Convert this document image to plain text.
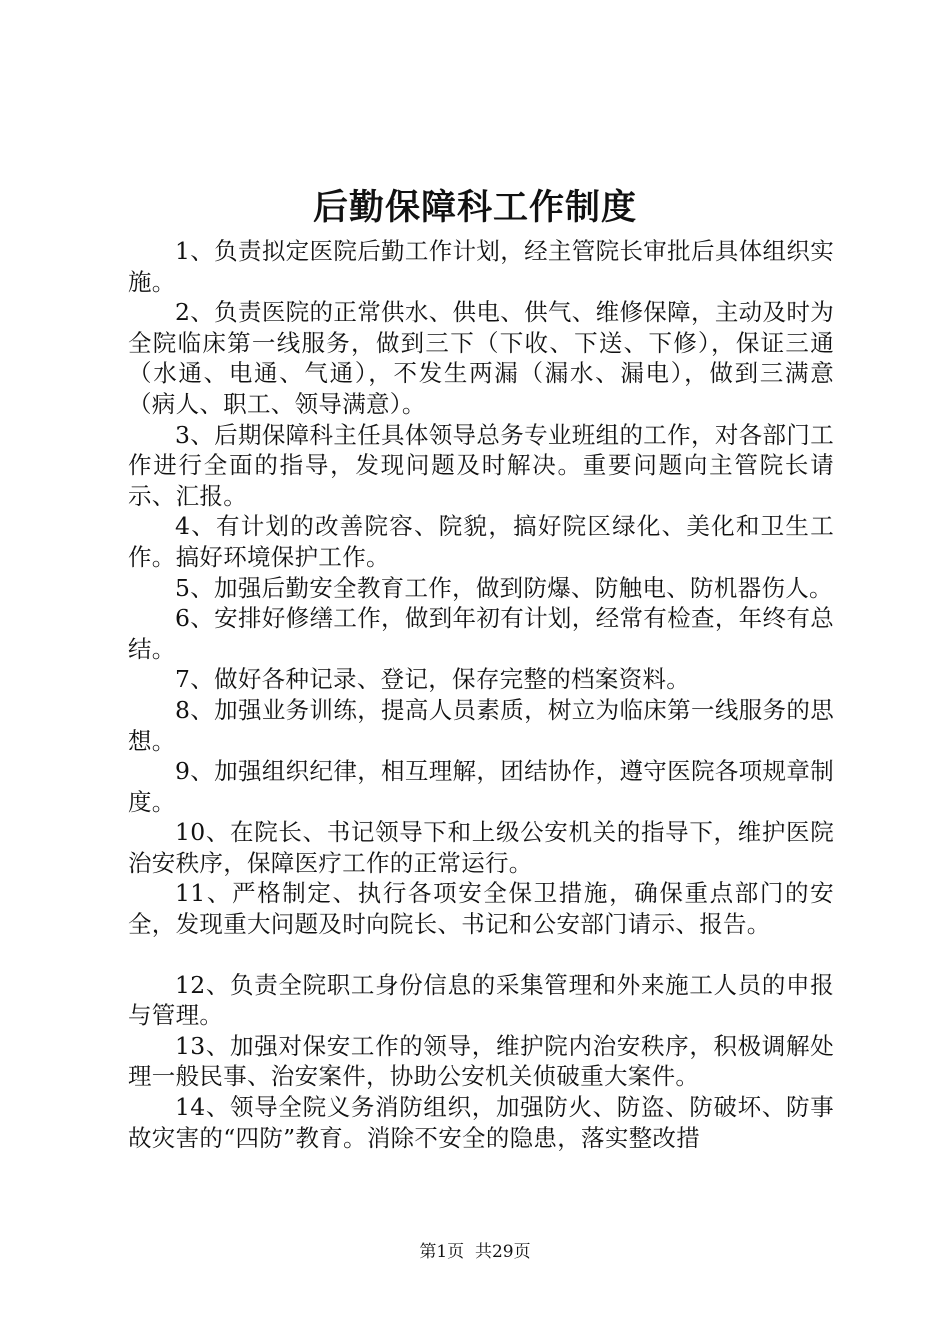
后勤保障科工作制度

1、负责拟定医院后勤工作计划，经主管院长审批后具体组织实施。

2、负责医院的正常供水、供电、供气、维修保障，主动及时为全院临床第一线服务，做到三下（下收、下送、下修），保证三通（水通、电通、气通），不发生两漏（漏水、漏电），做到三满意（病人、职工、领导满意）。

3、后期保障科主任具体领导总务专业班组的工作，对各部门工作进行全面的指导，发现问题及时解决。重要问题向主管院长请示、汇报。

4、有计划的改善院容、院貌，搞好院区绿化、美化和卫生工作。搞好环境保护工作。

5、加强后勤安全教育工作，做到防爆、防触电、防机器伤人。

6、安排好修缮工作，做到年初有计划，经常有检查，年终有总结。

7、做好各种记录、登记，保存完整的档案资料。

8、加强业务训练，提高人员素质，树立为临床第一线服务的思想。

9、加强组织纪律，相互理解，团结协作，遵守医院各项规章制度。

10、在院长、书记领导下和上级公安机关的指导下，维护医院治安秩序，保障医疗工作的正常运行。

11、严格制定、执行各项安全保卫措施，确保重点部门的安全，发现重大问题及时向院长、书记和公安部门请示、报告。

12、负责全院职工身份信息的采集管理和外来施工人员的申报与管理。

13、加强对保安工作的领导，维护院内治安秩序，积极调解处理一般民事、治安案件，协助公安机关侦破重大案件。

14、领导全院义务消防组织，加强防火、防盗、防破坏、防事故灾害的“四防”教育。消除不安全的隐患，落实整改措

第1页  共29页
